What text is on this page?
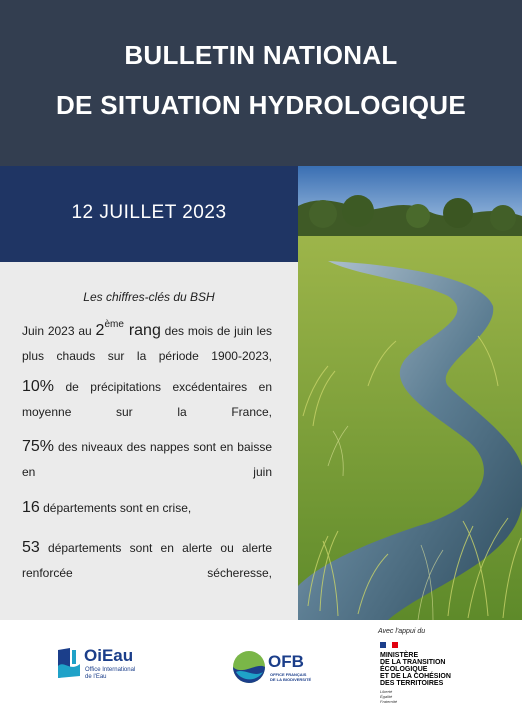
BULLETIN NATIONAL
DE SITUATION HYDROLOGIQUE
12 JUILLET 2023
Les chiffres-clés du BSH

Juin 2023 au 2ème rang des mois de juin les plus chauds sur la période 1900-2023,

10% de précipitations excédentaires en moyenne sur la France,

75% des niveaux des nappes sont en baisse en juin

16 départements sont en crise,

53 départements sont en alerte ou alerte renforcée sécheresse,

Avec l'appui du
OiEau
Office International
de l'Eau
OFB
OFFICE FRANÇAIS
DE LA BIODIVERSITÉ
MINISTÈRE
DE LA TRANSITION
ÉCOLOGIQUE
ET DE LA COHÉSION
DES TERRITOIRES
Liberté
Égalité
Fraternité
